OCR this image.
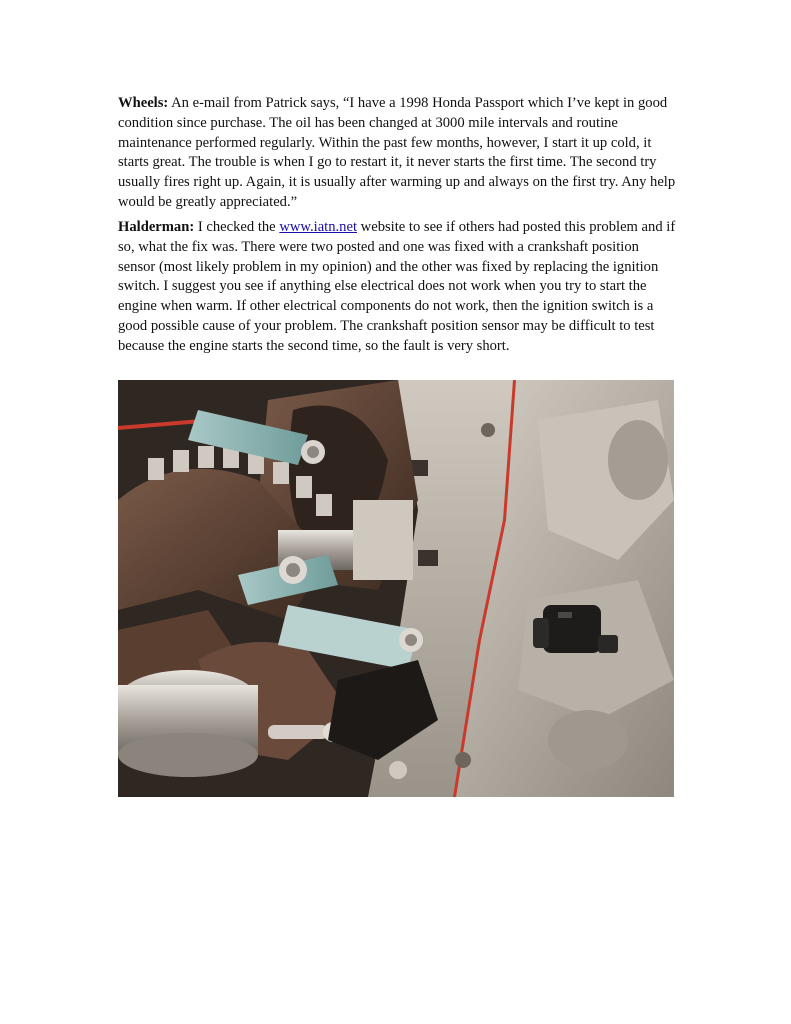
Wheels: An e-mail from Patrick says, “I have a 1998 Honda Passport which I’ve kept in good condition since purchase. The oil has been changed at 3000 mile intervals and routine maintenance performed regularly. Within the past few months, however, I start it up cold, it starts great. The trouble is when I go to restart it, it never starts the first time. The second try usually fires right up. Again, it is usually after warming up and always on the first try. Any help would be greatly appreciated.”

Halderman: I checked the www.iatn.net website to see if others had posted this problem and if so, what the fix was. There were two posted and one was fixed with a crankshaft position sensor (most likely problem in my opinion) and the other was fixed by replacing the ignition switch. I suggest you see if anything else electrical does not work when you try to start the engine when warm. If other electrical components do not work, then the ignition switch is a good possible cause of your problem. The crankshaft position sensor may be difficult to test because the engine starts the second time, so the fault is very short.
